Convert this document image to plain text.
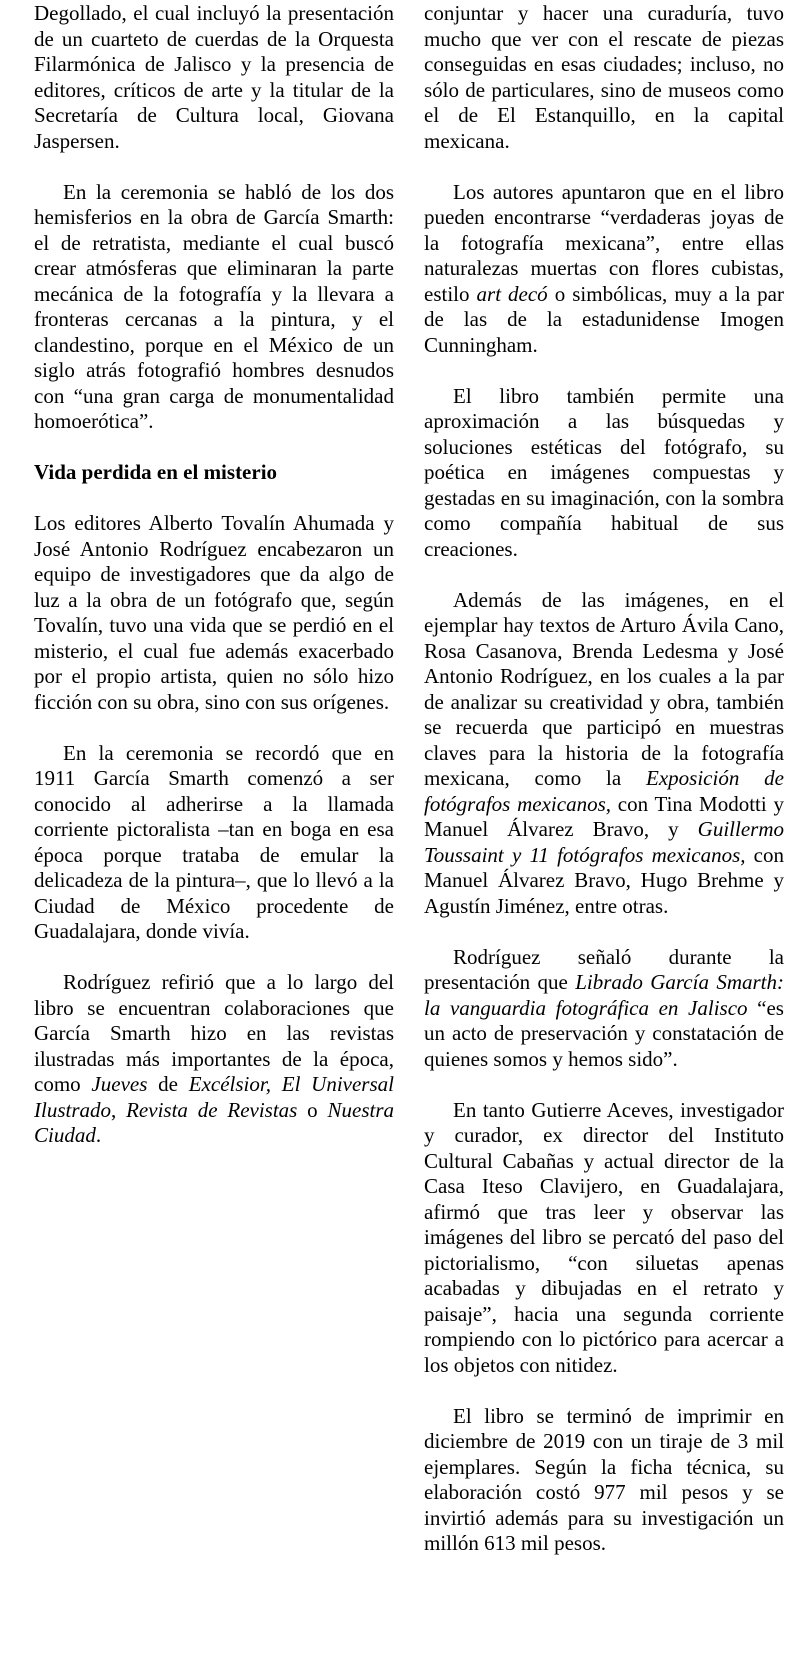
Degollado, el cual incluyó la presentación de un cuarteto de cuerdas de la Orquesta Filarmónica de Jalisco y la presencia de editores, críticos de arte y la titular de la Secretaría de Cultura local, Giovana Jaspersen.

En la ceremonia se habló de los dos hemisferios en la obra de García Smarth: el de retratista, mediante el cual buscó crear atmósferas que eliminaran la parte mecánica de la fotografía y la llevara a fronteras cercanas a la pintura, y el clandestino, porque en el México de un siglo atrás fotografió hombres desnudos con “una gran carga de monumentalidad homoerótica”.

Vida perdida en el misterio

Los editores Alberto Tovalín Ahumada y José Antonio Rodríguez encabezaron un equipo de investigadores que da algo de luz a la obra de un fotógrafo que, según Tovalín, tuvo una vida que se perdió en el misterio, el cual fue además exacerbado por el propio artista, quien no sólo hizo ficción con su obra, sino con sus orígenes.

En la ceremonia se recordó que en 1911 García Smarth comenzó a ser conocido al adherirse a la llamada corriente pictoralista –tan en boga en esa época porque trataba de emular la delicadeza de la pintura–, que lo llevó a la Ciudad de México procedente de Guadalajara, donde vivía.

Rodríguez refirió que a lo largo del libro se encuentran colaboraciones que García Smarth hizo en las revistas ilustradas más importantes de la época, como Jueves de Excélsior, El Universal Ilustrado, Revista de Revistas o Nuestra Ciudad.

conjuntar y hacer una curaduría, tuvo mucho que ver con el rescate de piezas conseguidas en esas ciudades; incluso, no sólo de particulares, sino de museos como el de El Estanquillo, en la capital mexicana.

Los autores apuntaron que en el libro pueden encontrarse “verdaderas joyas de la fotografía mexicana”, entre ellas naturalezas muertas con flores cubistas, estilo art decó o simbólicas, muy a la par de las de la estadunidense Imogen Cunningham.

El libro también permite una aproximación a las búsquedas y soluciones estéticas del fotógrafo, su poética en imágenes compuestas y gestadas en su imaginación, con la sombra como compañía habitual de sus creaciones.

Además de las imágenes, en el ejemplar hay textos de Arturo Ávila Cano, Rosa Casanova, Brenda Ledesma y José Antonio Rodríguez, en los cuales a la par de analizar su creatividad y obra, también se recuerda que participó en muestras claves para la historia de la fotografía mexicana, como la Exposición de fotógrafos mexicanos, con Tina Modotti y Manuel Álvarez Bravo, y Guillermo Toussaint y 11 fotógrafos mexicanos, con Manuel Álvarez Bravo, Hugo Brehme y Agustín Jiménez, entre otras.

Rodríguez señaló durante la presentación que Librado García Smarth: la vanguardia fotográfica en Jalisco “es un acto de preservación y constatación de quienes somos y hemos sido”.

En tanto Gutierre Aceves, investigador y curador, ex director del Instituto Cultural Cabañas y actual director de la Casa Iteso Clavijero, en Guadalajara, afirmó que tras leer y observar las imágenes del libro se percató del paso del pictorialismo, “con siluetas apenas acabadas y dibujadas en el retrato y paisaje”, hacia una segunda corriente rompiendo con lo pictórico para acercar a los objetos con nitidez.

El libro se terminó de imprimir en diciembre de 2019 con un tiraje de 3 mil ejemplares. Según la ficha técnica, su elaboración costó 977 mil pesos y se invirtió además para su investigación un millón 613 mil pesos.
